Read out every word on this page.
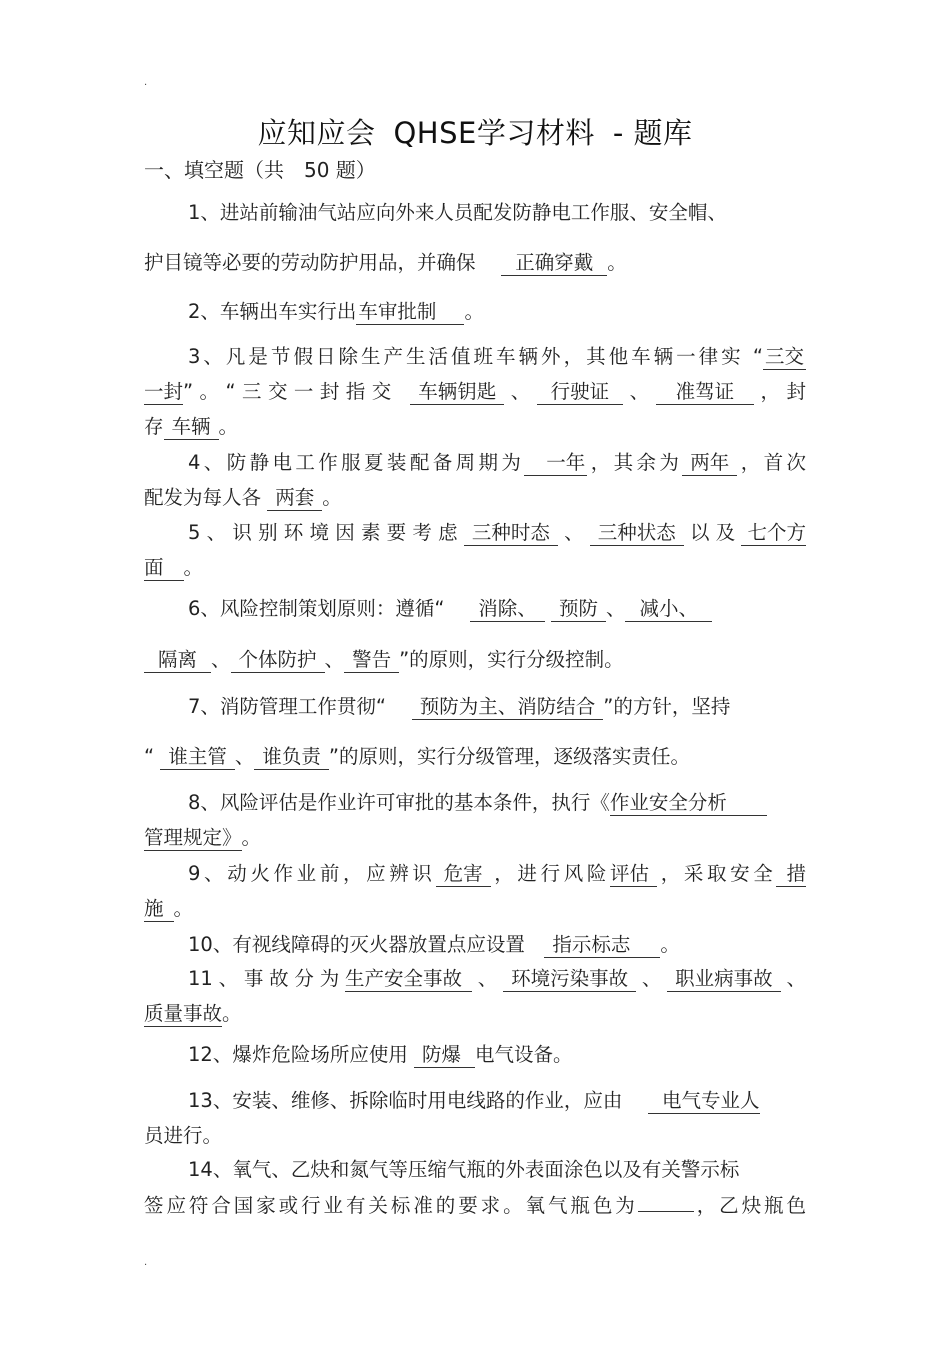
.
应知应会 QHSE学习材料 - 题库
一、填空题（共　50 题）
1、进站前输油气站应向外来人员配发防静电工作服、安全帽、
护目镜等必要的劳动防护用品，并确保　 正确穿戴 。
2、车辆出车实行出 车审批制 。
3、凡是节假日除生产生活值班车辆外，其他车辆一律实 “ 三交
一封”。“三交一封指交 车辆钥匙 、 行驶证 、 准驾证 ，封
存 车辆 。
4、防静电工作服夏装配备周期为 一年 ，其余为 两年 ，首次
配发为每人各 两套 。
5、识别环境因素要考虑 三种时态 、 三种状态 以及 七个方
面 。
6、风险控制策划原则：遵循“　 消除、 预防 、 减小、
隔离 、 个体防护 、 警告 ”的原则，实行分级控制。
7、消防管理工作贯彻“　 预防为主、消防结合 ”的方针，坚持
“ 谁主管 、 谁负责 ”的原则，实行分级管理，逐级落实责任。
8、风险评估是作业许可审批的基本条件，执行《作业安全分析
管理规定》。
9、动火作业前，应辨识 危害 ，进行风险评估 ，采取安全 措
施 。
10、有视线障碍的灭火器放置点应设置　 指示标志 。
11、事故分为生产安全事故 、 环境污染事故 、 职业病事故 、
质量事故。
12、爆炸危险场所应使用 防爆 电气设备。
13、安装、维修、拆除临时用电线路的作业，应由　 电气专业人
员进行。
14、氧气、乙炔和氮气等压缩气瓶的外表面涂色以及有关警示标
签应符合国家或行业有关标准的要求。氧气瓶色为	，乙炔瓶色
.
